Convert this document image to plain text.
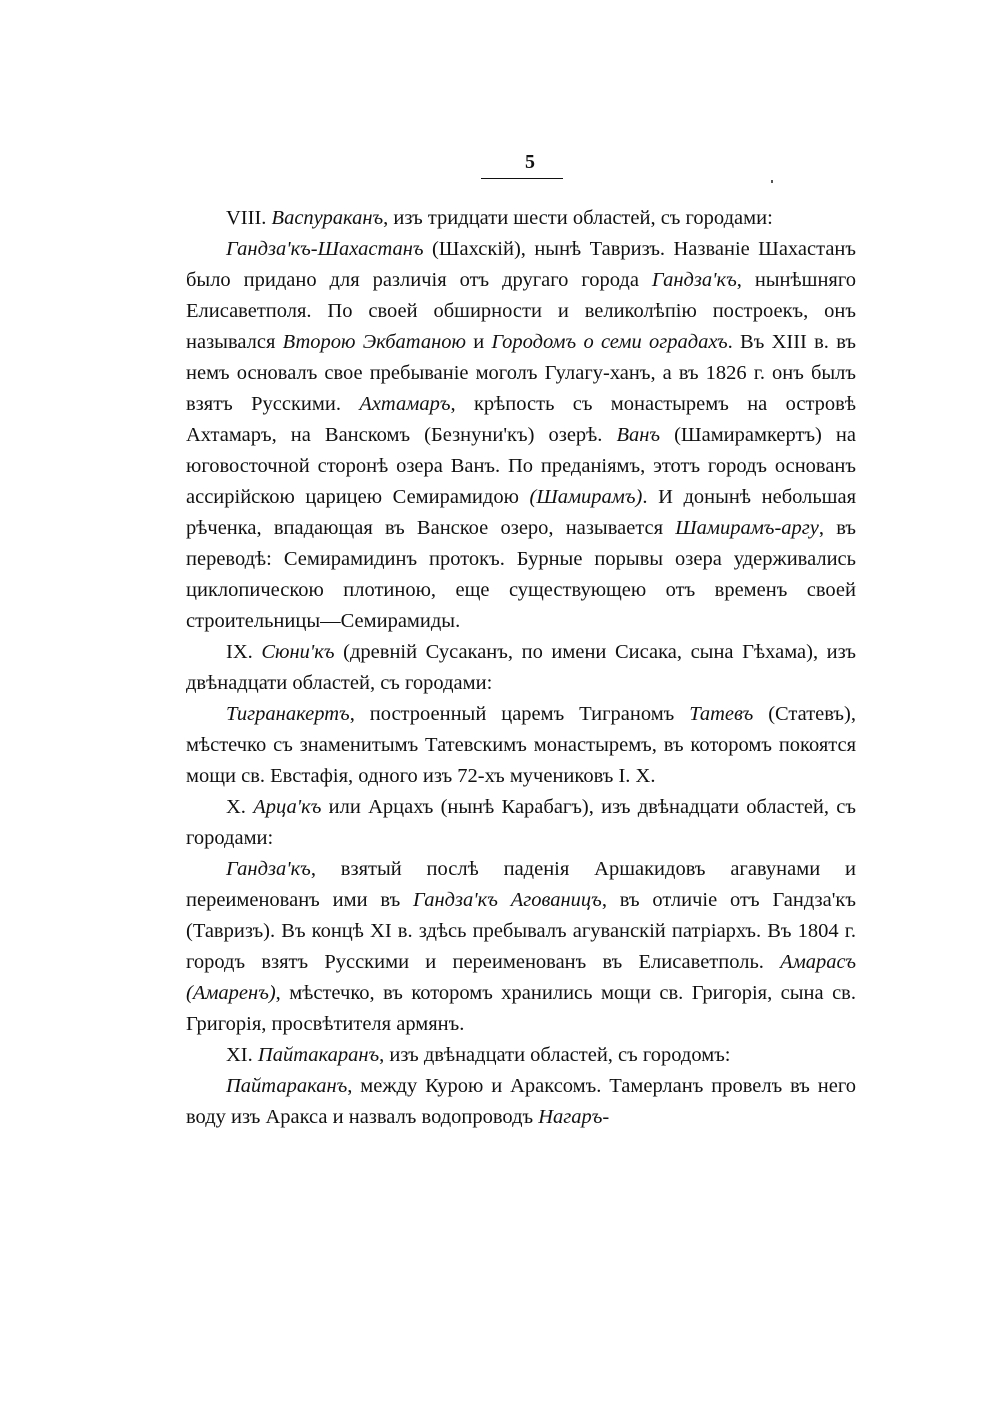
5

VIII. Васпураканъ, изъ тридцати шести областей, съ городами:

Гандза'къ-Шахастанъ (Шахскій), нынѣ Тавризъ. Названіе Шахастанъ было придано для различія отъ другаго города Гандза'къ, нынѣшняго Елисаветполя. По своей обширности и великолѣпію построекъ, онъ назывался Второю Экбатаною и Городомъ о семи оградахъ. Въ XIII в. въ немъ основалъ свое пребываніе моголъ Гулагу-ханъ, а въ 1826 г. онъ былъ взятъ Русскими. Ахтамаръ, крѣпость съ монастыремъ на островѣ Ахтамаръ, на Ванскомъ (Безнуни'къ) озерѣ. Ванъ (Шамирамкертъ) на юговосточной сторонѣ озера Ванъ. По преданіямъ, этотъ городъ основанъ ассирійскою царицею Семирамидою (Шамирамъ). И донынѣ небольшая рѣченка, впадающая въ Ванское озеро, называется Шамирамъ-аргу, въ переводѣ: Семирамидинъ протокъ. Бурные порывы озера удерживались циклопическою плотиною, еще существующею отъ временъ своей строительницы—Семирамиды.

IX. Сюни'къ (древній Сусаканъ, по имени Сисака, сына Гѣхама), изъ двѣнадцати областей, съ городами:

Тигранакертъ, построенный царемъ Тиграномъ Татевъ (Статевъ), мѣстечко съ знаменитымъ Татевскимъ монастыремъ, въ которомъ покоятся мощи св. Евстафія, одного изъ 72-хъ мучениковъ I. X.

X. Арца'къ или Арцахъ (нынѣ Карабагъ), изъ двѣнадцати областей, съ городами:

Гандза'къ, взятый послѣ паденія Аршакидовъ агавунами и переименованъ ими въ Гандза'къ Агованицъ, въ отличіе отъ Гандза'къ (Тавризъ). Въ концѣ XI в. здѣсь пребывалъ агуванскій патріархъ. Въ 1804 г. городъ взятъ Русскими и переименованъ въ Елисаветполь. Амарасъ (Амаренъ), мѣстечко, въ которомъ хранились мощи св. Григорія, сына св. Григорія, просвѣтителя армянъ.

XI. Пайтакаранъ, изъ двѣнадцати областей, съ городомъ:

Пайтараканъ, между Курою и Араксомъ. Тамерланъ провелъ въ него воду изъ Аракса и назвалъ водопроводъ Нагаръ-
